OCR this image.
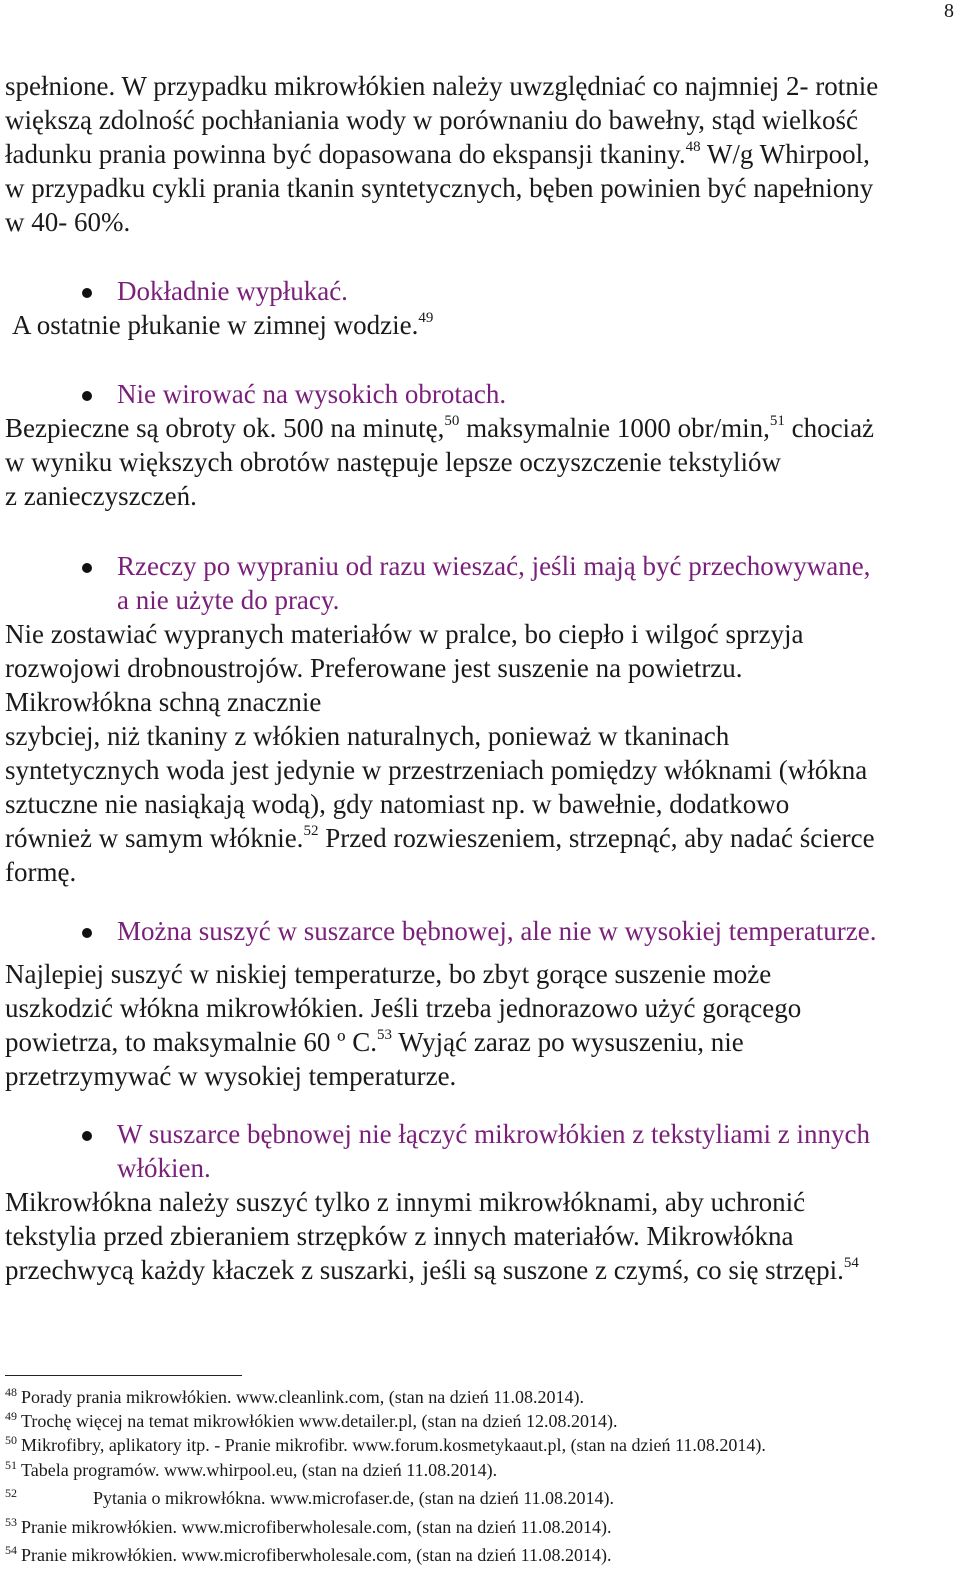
8
spełnione. W przypadku mikrowłókien należy uwzględniać co najmniej 2- rotnie
większą zdolność pochłaniania wody w porównaniu do bawełny, stąd wielkość
ładunku prania powinna być dopasowana do ekspansji tkaniny.$^{48}$ W/g Whirpool,
w przypadku cykli prania tkanin syntetycznych, bęben powinien być napełniony
w 40- 60%.
Dokładnie wypłukać.
A ostatnie płukanie w zimnej wodzie.$^{49}$
Nie wirować na wysokich obrotach.
Bezpieczne są obroty ok. 500 na minutę,$^{50}$ maksymalnie 1000 obr/min,$^{51}$ chociaż
w wyniku większych obrotów następuje lepsze oczyszczenie tekstyliów
z zanieczyszczeń.
Rzeczy po wypraniu od razu wieszać, jeśli mają być przechowywane,
a nie użyte do pracy.
Nie zostawiać wypranych materiałów w pralce, bo ciepło i wilgoć sprzyja
rozwojowi drobnoustrojów. Preferowane jest suszenie na powietrzu.
Mikrowłókna schną znacznie
szybciej, niż tkaniny z włókien naturalnych, ponieważ w tkaninach
syntetycznych woda jest jedynie w przestrzeniach pomiędzy włóknami (włókna
sztuczne nie nasiąkają wodą), gdy natomiast np. w bawełnie, dodatkowo
również w samym włóknie.$^{52}$ Przed rozwieszeniem, strzepnąć, aby nadać ścierce
formę.
Można suszyć w suszarce bębnowej, ale nie w wysokiej temperaturze.
Najlepiej suszyć w niskiej temperaturze, bo zbyt gorące suszenie może
uszkodzić włókna mikrowłókien. Jeśli trzeba jednorazowo użyć gorącego
powietrza, to maksymalnie 60 º C.$^{53}$ Wyjąć zaraz po wysuszeniu, nie
przetrzymywać w wysokiej temperaturze.
W suszarce bębnowej nie łączyć mikrowłókien z tekstyliami z innych
włókien.
Mikrowłókna należy suszyć tylko z innymi mikrowłóknami, aby uchronić
tekstylia przed zbieraniem strzępków z innych materiałów. Mikrowłókna
przechwycą każdy kłaczek z suszarki, jeśli są suszone z czymś, co się strzępi.$^{54}$
$^{48}$ Porady prania mikrowłókien. www.cleanlink.com, (stan na dzień 11.08.2014).
$^{49}$ Trochę więcej na temat mikrowłókien www.detailer.pl, (stan na dzień 12.08.2014).
$^{50}$ Mikrofibry, aplikatory itp. - Pranie mikrofibr. www.forum.kosmetykaaut.pl, (stan na dzień 11.08.2014).
$^{51}$ Tabela programów. www.whirpool.eu, (stan na dzień 11.08.2014).
$^{52}$	Pytania o mikrowłókna. www.microfaser.de, (stan na dzień 11.08.2014).
$^{53}$ Pranie mikrowłókien. www.microfiberwholesale.com, (stan na dzień 11.08.2014).
$^{54}$ Pranie mikrowłókien. www.microfiberwholesale.com, (stan na dzień 11.08.2014).
